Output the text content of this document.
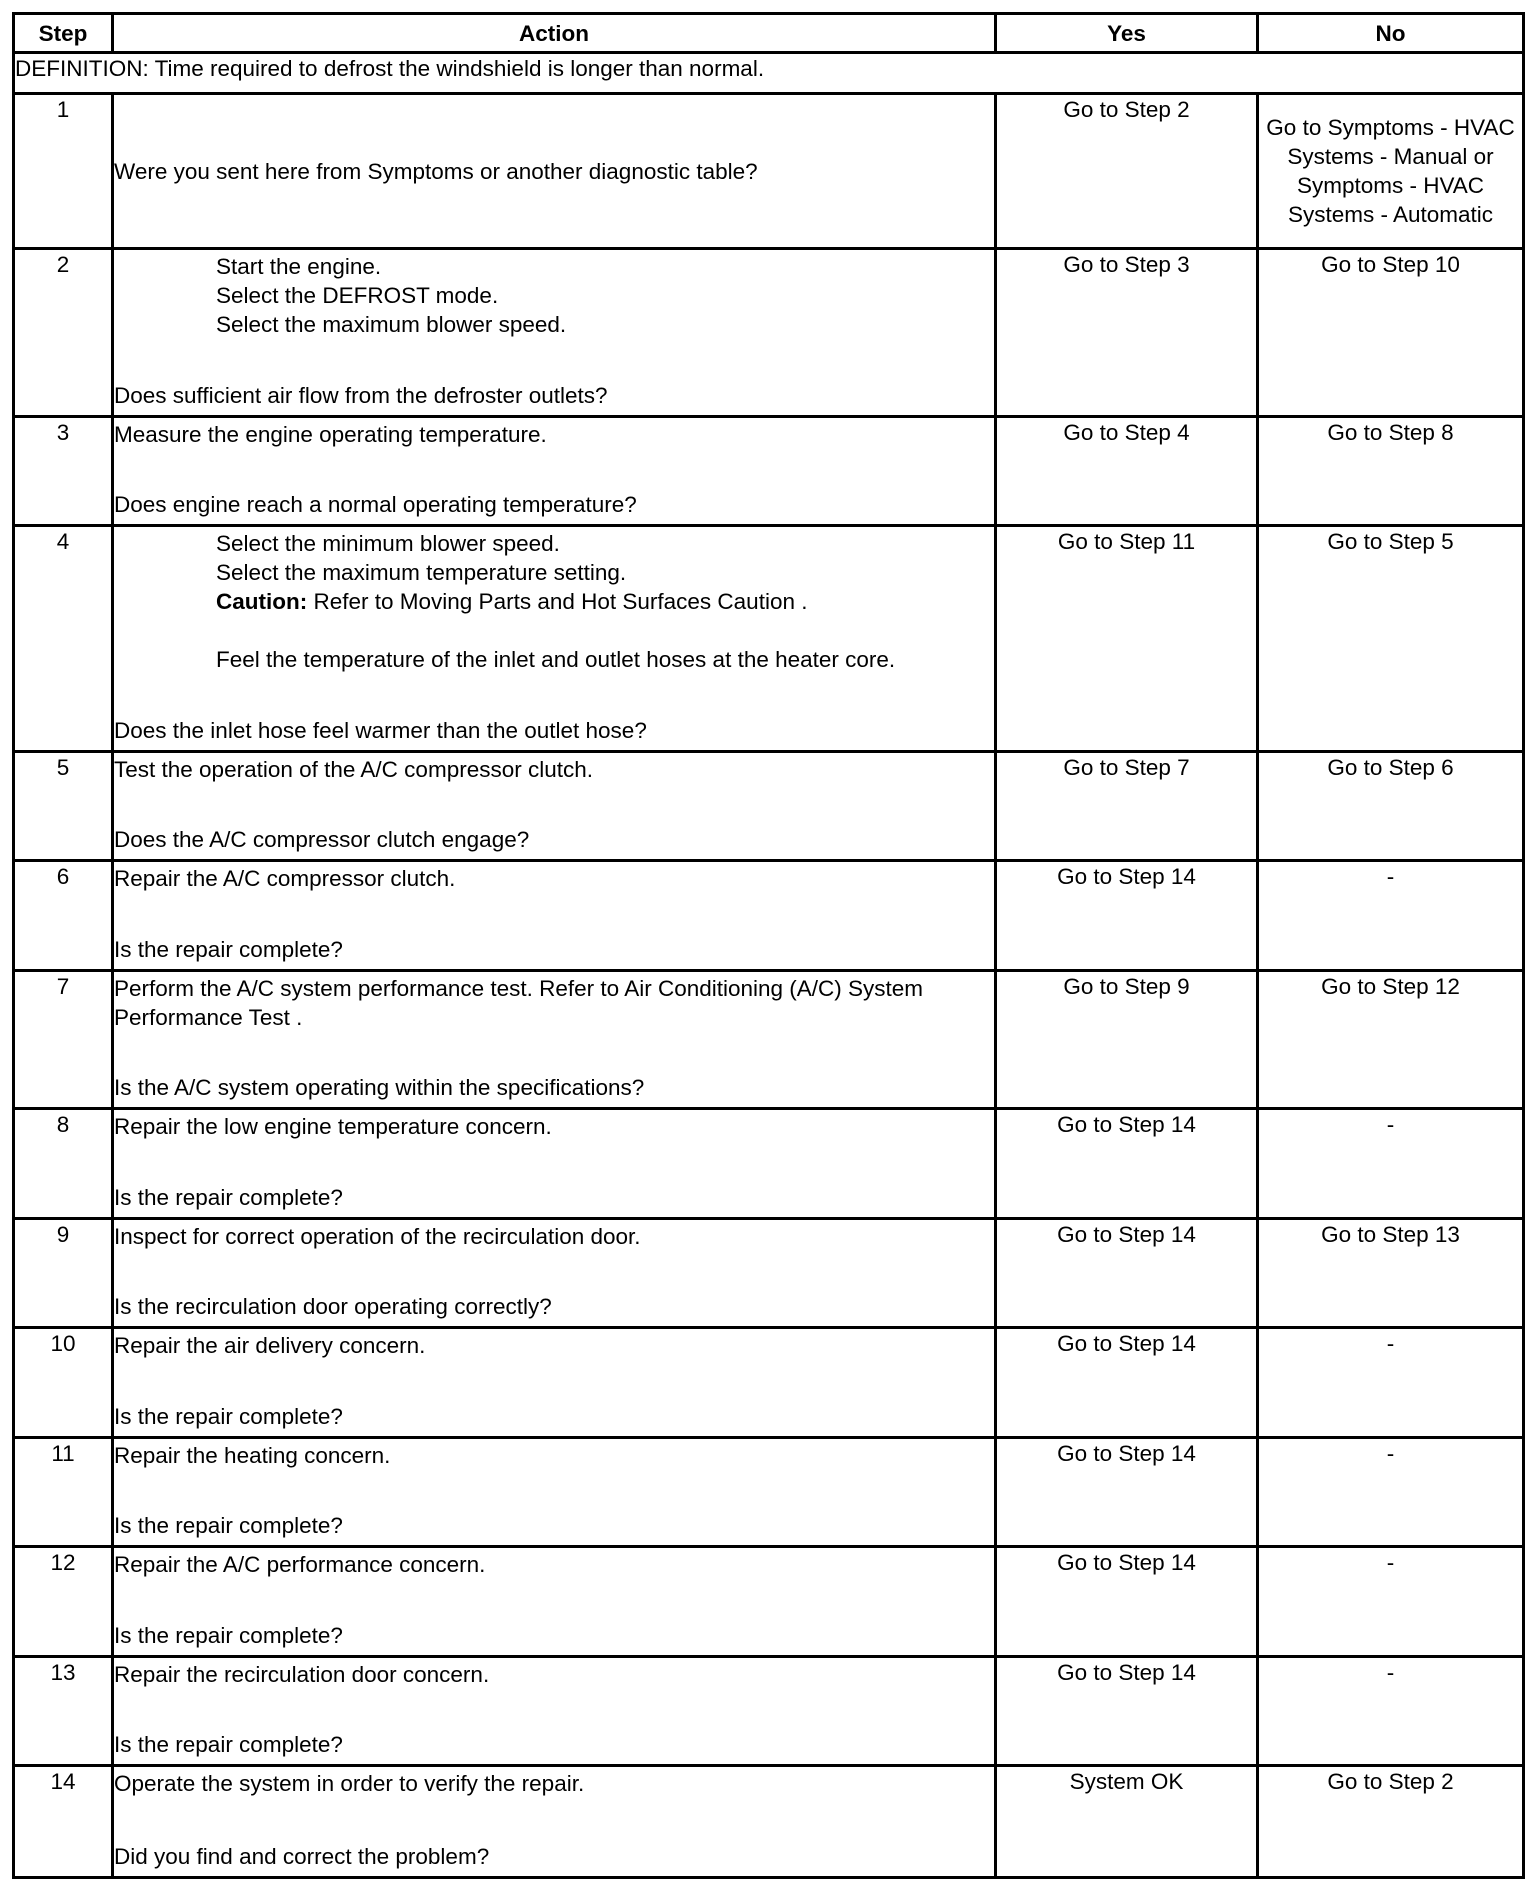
Step	Action	Yes	No
DEFINITION: Time required to defrost the windshield is longer than normal.			
1	Were you sent here from Symptoms or another diagnostic table?	Go to Step 2	Go to Symptoms - HVAC Systems - Manual or Symptoms - HVAC Systems - Automatic
2	Start the engine.
Select the DEFROST mode.
Select the maximum blower speed.
Does sufficient air flow from the defroster outlets?	Go to Step 3	Go to Step 10
3	Measure the engine operating temperature.
Does engine reach a normal operating temperature?	Go to Step 4	Go to Step 8
4	Select the minimum blower speed.
Select the maximum temperature setting.
Caution: Refer to Moving Parts and Hot Surfaces Caution .
Feel the temperature of the inlet and outlet hoses at the heater core.
Does the inlet hose feel warmer than the outlet hose?	Go to Step 11	Go to Step 5
5	Test the operation of the A/C compressor clutch.
Does the A/C compressor clutch engage?	Go to Step 7	Go to Step 6
6	Repair the A/C compressor clutch.
Is the repair complete?	Go to Step 14	-
7	Perform the A/C system performance test. Refer to Air Conditioning (A/C) System Performance Test .
Is the A/C system operating within the specifications?	Go to Step 9	Go to Step 12
8	Repair the low engine temperature concern.
Is the repair complete?	Go to Step 14	-
9	Inspect for correct operation of the recirculation door.
Is the recirculation door operating correctly?	Go to Step 14	Go to Step 13
10	Repair the air delivery concern.
Is the repair complete?	Go to Step 14	-
11	Repair the heating concern.
Is the repair complete?	Go to Step 14	-
12	Repair the A/C performance concern.
Is the repair complete?	Go to Step 14	-
13	Repair the recirculation door concern.
Is the repair complete?	Go to Step 14	-
14	Operate the system in order to verify the repair.
Did you find and correct the problem?	System OK	Go to Step 2
